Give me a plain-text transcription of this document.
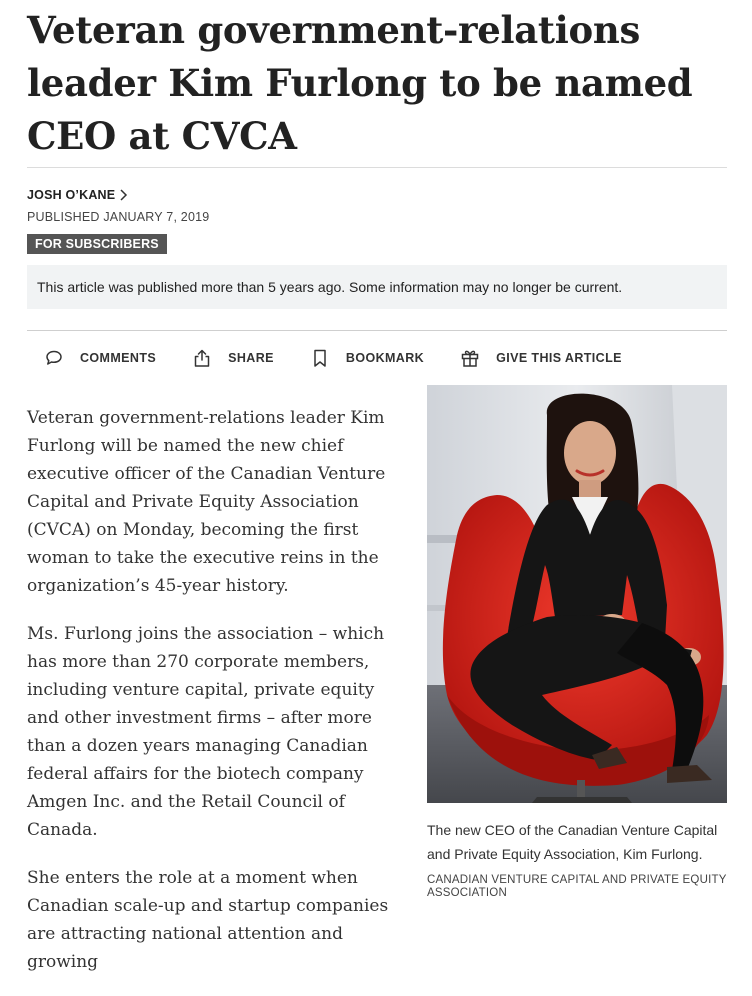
Veteran government-relations leader Kim Furlong to be named CEO at CVCA
JOSH O’KANE
PUBLISHED JANUARY 7, 2019
FOR SUBSCRIBERS
This article was published more than 5 years ago. Some information may no longer be current.
COMMENTS	SHARE	BOOKMARK	GIVE THIS ARTICLE

Veteran government-relations leader Kim Furlong will be named the new chief executive officer of the Canadian Venture Capital and Private Equity Association (CVCA) on Monday, becoming the first woman to take the executive reins in the organization’s 45-year history.

Ms. Furlong joins the association – which has more than 270 corporate members, including venture capital, private equity and other investment firms – after more than a dozen years managing Canadian federal affairs for the biotech company Amgen Inc. and the Retail Council of Canada.

She enters the role at a moment when Canadian scale-up and startup companies are attracting national attention and growing

The new CEO of the Canadian Venture Capital and Private Equity Association, Kim Furlong.
CANADIAN VENTURE CAPITAL AND PRIVATE EQUITY ASSOCIATION
